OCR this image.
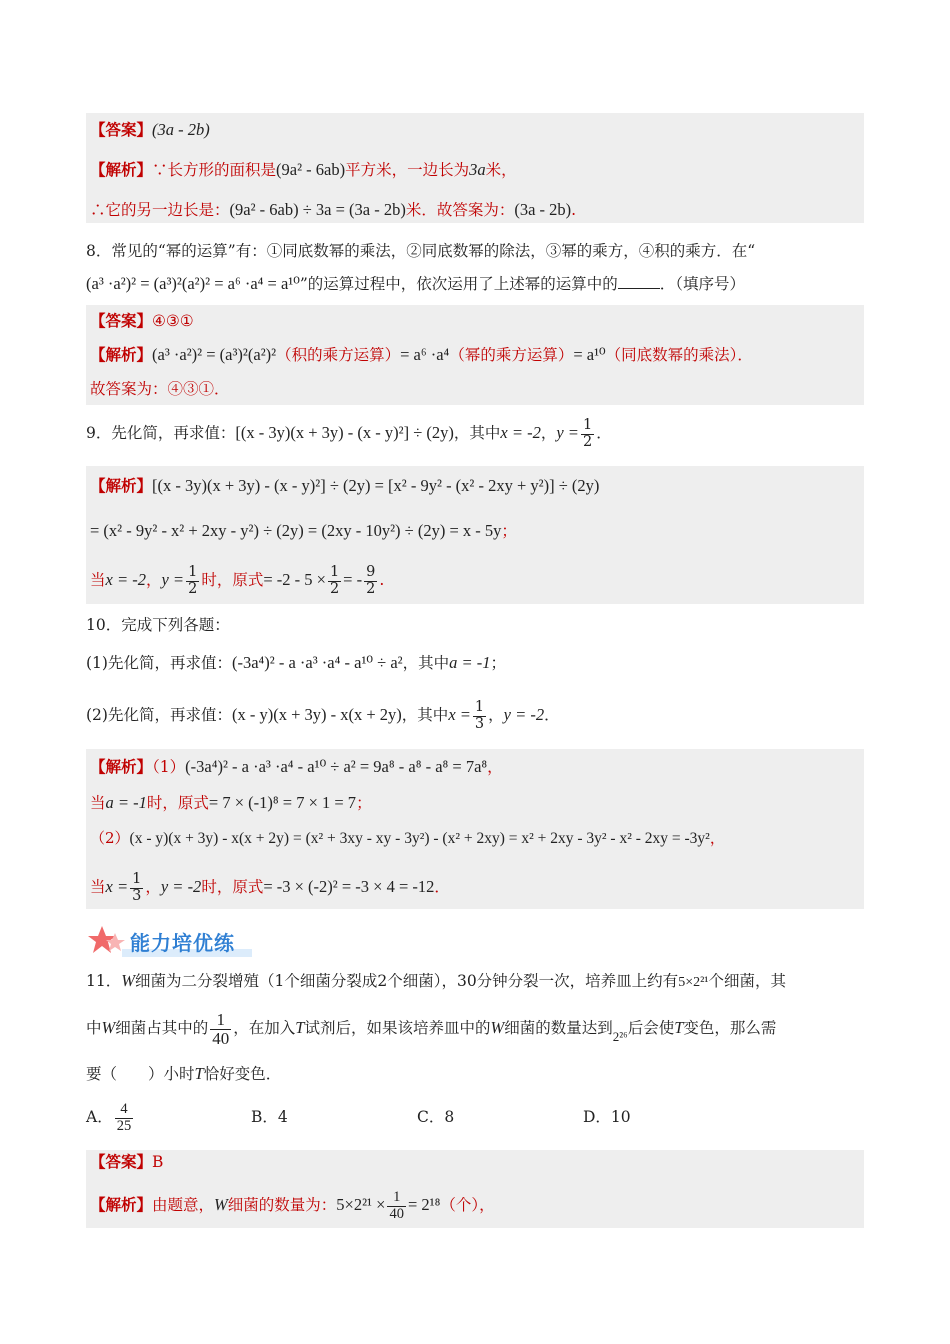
【答案】(3a - 2b)
【解析】∵长方形的面积是(9a² - 6ab)平方米，一边长为3a米，
∴它的另一边长是：(9a² - 6ab) ÷ 3a = (3a - 2b)米．故答案为：(3a - 2b).
8．常见的“幂的运算”有：①同底数幂的乘法，②同底数幂的除法，③幂的乘方，④积的乘方．在“
(a³ ·a²)² = (a³)²(a²)² = a⁶ ·a⁴ = a¹⁰”的运算过程中，依次运用了上述幂的运算中的	．（填序号）
【答案】④③①
【解析】(a³ ·a²)² = (a³)²(a²)²（积的乘方运算）= a⁶ ·a⁴（幂的乘方运算）= a¹⁰（同底数幂的乘法）．
故答案为：④③①．
9．先化简，再求值：[(x - 3y)(x + 3y) - (x - y)²] ÷ (2y)，其中x = -2，$y = \frac{1}{2}$ ．
【解析】[(x - 3y)(x + 3y) - (x - y)²] ÷ (2y) = [x² - 9y² - (x² - 2xy + y²)] ÷ (2y)
= (x² - 9y² - x² + 2xy - y²) ÷ (2y) = (2xy - 10y²) ÷ (2y) = x - 5y；
当x = -2，$y = \frac{1}{2}$ 时，原式= $-2 - 5 \times \frac{1}{2}$ = - $\frac{9}{2}$ .
10．完成下列各题：
(1)先化简，再求值：(-3a⁴)² - a ·a³ ·a⁴ - a¹⁰ ÷ a²，其中a = -1；
(2)先化简，再求值：(x - y)(x + 3y) - x(x + 2y)，其中$x = \frac{1}{3}$ ，y = -2．
【解析】（1）(-3a⁴)² - a ·a³ ·a⁴ - a¹⁰ ÷ a² = 9a⁸ - a⁸ - a⁸ = 7a⁸，
当a = -1时，原式= 7 × (-1)⁸ = 7 × 1 = 7；
（2）(x - y)(x + 3y) - x(x + 2y) = (x² + 3xy - xy - 3y²) - (x² + 2xy) = x² + 2xy - 3y² - x² - 2xy = -3y²，
当$x = \frac{1}{3}$ ，y = -2时，原式= -3 × (-2)² = -3 × 4 = -12．
能力培优练
11．W细菌为二分裂增殖（1个细菌分裂成2个细菌），30分钟分裂一次，培养皿上约有5×2²¹个细菌，其
中W细菌占其中的 $\frac{1}{40}$ ，在加入T试剂后，如果该培养皿中的W细菌的数量达到$_{2^{26}}$后会使T变色，那么需
要（　　）小时T恰好变色．
A． $\frac{4}{25}$	B．4	C．8	D．10
【答案】B
【解析】由题意，W细菌的数量为：$5\times 2^{21} \times \frac{1}{40} = 2^{18}$（个），
